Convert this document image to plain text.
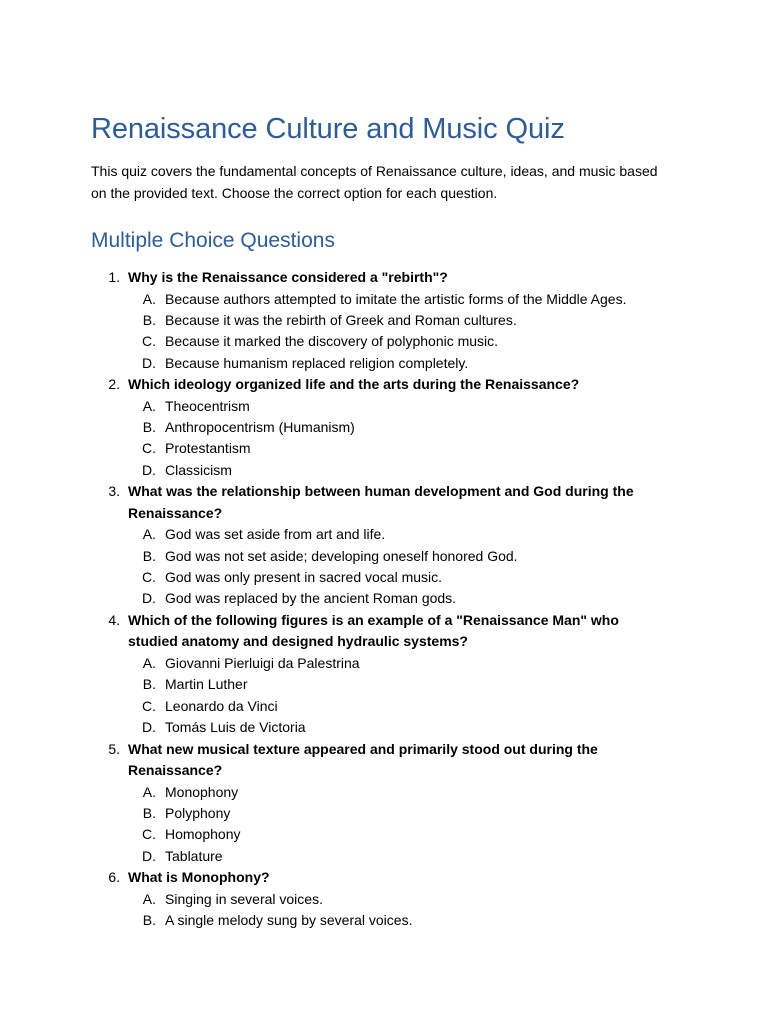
Renaissance Culture and Music Quiz

This quiz covers the fundamental concepts of Renaissance culture, ideas, and music based on the provided text. Choose the correct option for each question.

Multiple Choice Questions
1. Why is the Renaissance considered a "rebirth"?
A. Because authors attempted to imitate the artistic forms of the Middle Ages.
B. Because it was the rebirth of Greek and Roman cultures.
C. Because it marked the discovery of polyphonic music.
D. Because humanism replaced religion completely.
2. Which ideology organized life and the arts during the Renaissance?
A. Theocentrism
B. Anthropocentrism (Humanism)
C. Protestantism
D. Classicism
3. What was the relationship between human development and God during the Renaissance?
A. God was set aside from art and life.
B. God was not set aside; developing oneself honored God.
C. God was only present in sacred vocal music.
D. God was replaced by the ancient Roman gods.
4. Which of the following figures is an example of a "Renaissance Man" who studied anatomy and designed hydraulic systems?
A. Giovanni Pierluigi da Palestrina
B. Martin Luther
C. Leonardo da Vinci
D. Tomás Luis de Victoria
5. What new musical texture appeared and primarily stood out during the Renaissance?
A. Monophony
B. Polyphony
C. Homophony
D. Tablature
6. What is Monophony?
A. Singing in several voices.
B. A single melody sung by several voices.
